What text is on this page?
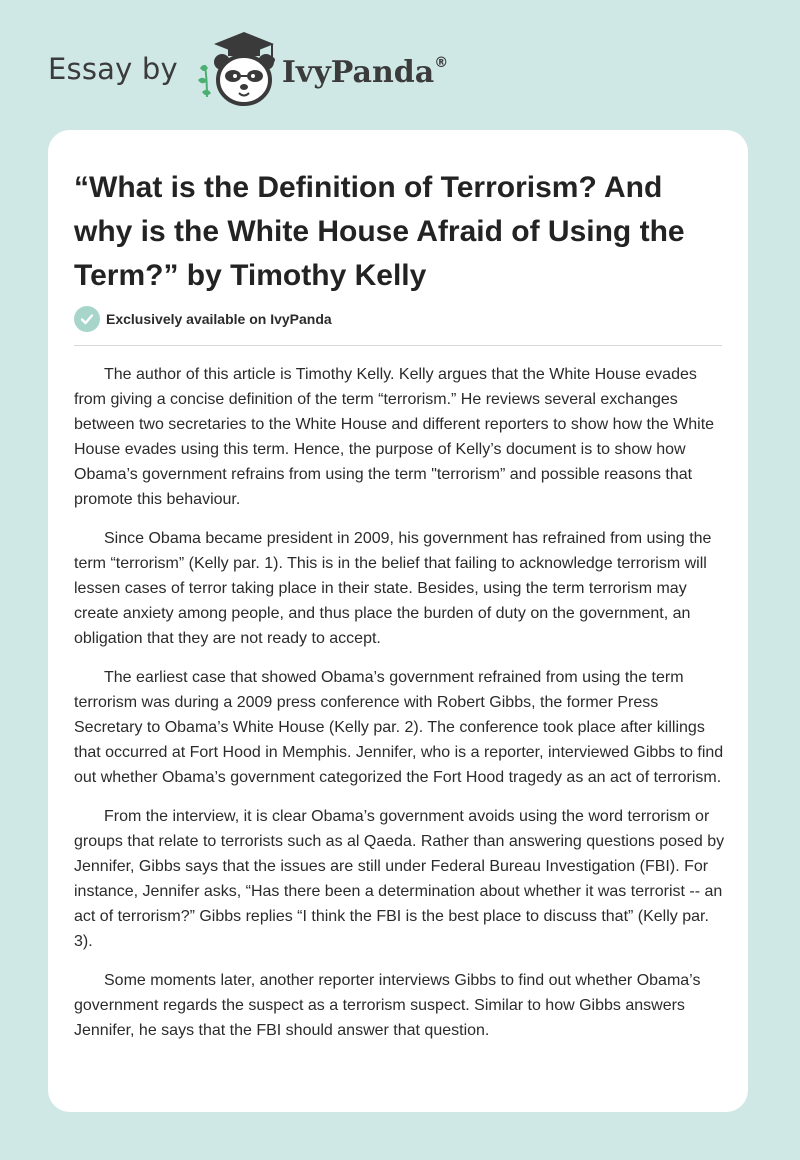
Essay by	IvyPanda®
“What is the Definition of Terrorism? And why is the White House Afraid of Using the Term?” by Timothy Kelly
Exclusively available on IvyPanda

The author of this article is Timothy Kelly. Kelly argues that the White House evades from giving a concise definition of the term “terrorism.” He reviews several exchanges between two secretaries to the White House and different reporters to show how the White House evades using this term. Hence, the purpose of Kelly’s document is to show how Obama’s government refrains from using the term "terrorism” and possible reasons that promote this behaviour.

Since Obama became president in 2009, his government has refrained from using the term “terrorism” (Kelly par. 1). This is in the belief that failing to acknowledge terrorism will lessen cases of terror taking place in their state. Besides, using the term terrorism may create anxiety among people, and thus place the burden of duty on the government, an obligation that they are not ready to accept.

The earliest case that showed Obama’s government refrained from using the term terrorism was during a 2009 press conference with Robert Gibbs, the former Press Secretary to Obama’s White House (Kelly par. 2). The conference took place after killings that occurred at Fort Hood in Memphis. Jennifer, who is a reporter, interviewed Gibbs to find out whether Obama’s government categorized the Fort Hood tragedy as an act of terrorism.

From the interview, it is clear Obama’s government avoids using the word terrorism or groups that relate to terrorists such as al Qaeda. Rather than answering questions posed by Jennifer, Gibbs says that the issues are still under Federal Bureau Investigation (FBI). For instance, Jennifer asks, “Has there been a determination about whether it was terrorist -- an act of terrorism?” Gibbs replies “I think the FBI is the best place to discuss that” (Kelly par. 3).

Some moments later, another reporter interviews Gibbs to find out whether Obama’s government regards the suspect as a terrorism suspect. Similar to how Gibbs answers Jennifer, he says that the FBI should answer that question.
